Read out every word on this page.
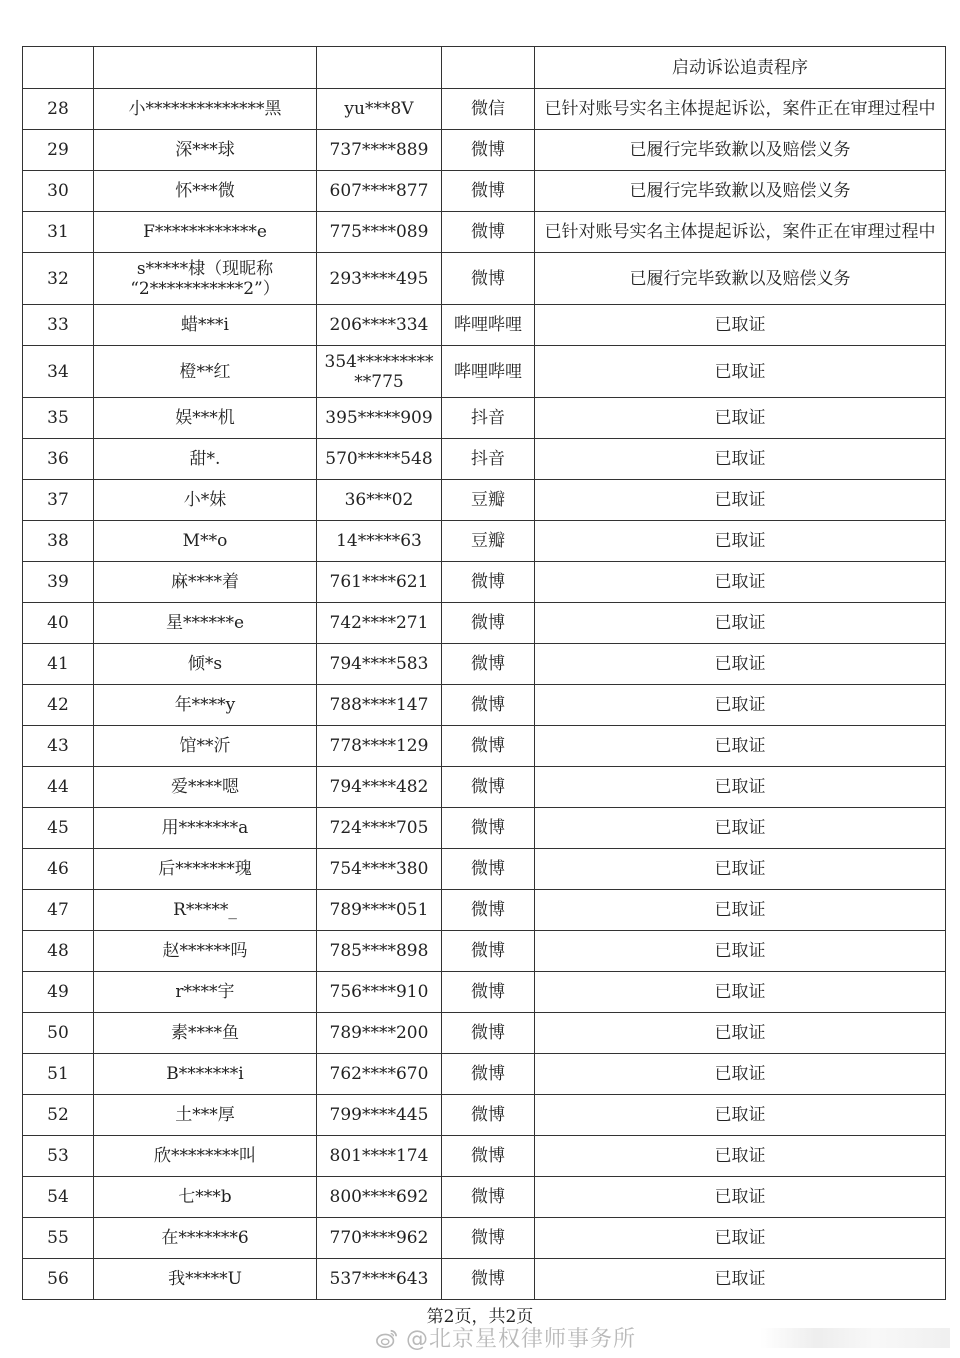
				启动诉讼追责程序

28	小**************黑	yu***8V	微信	已针对账号实名主体提起诉讼，案件正在审理过程中

29	深***球	737****889	微博	已履行完毕致歉以及赔偿义务

30	怀***微	607****877	微博	已履行完毕致歉以及赔偿义务

31	F************e	775****089	微博	已针对账号实名主体提起诉讼，案件正在审理过程中

32	s*****棣（现昵称
“2***********2”）	293****495	微博	已履行完毕致歉以及赔偿义务

33	蜡***i	206****334	哔哩哔哩	已取证

34	橙**红	354*********
**775	哔哩哔哩	已取证

35	娱***机	395*****909	抖音	已取证

36	甜*.	570*****548	抖音	已取证

37	小*妹	36***02	豆瓣	已取证

38	M**o	14*****63	豆瓣	已取证

39	麻****着	761****621	微博	已取证

40	星******e	742****271	微博	已取证

41	倾*s	794****583	微博	已取证

42	年****y	788****147	微博	已取证

43	馆**沂	778****129	微博	已取证

44	爱****嗯	794****482	微博	已取证

45	用*******a	724****705	微博	已取证

46	后*******瑰	754****380	微博	已取证

47	R*****_	789****051	微博	已取证

48	赵******吗	785****898	微博	已取证

49	r****宇	756****910	微博	已取证

50	素****鱼	789****200	微博	已取证

51	B*******i	762****670	微博	已取证

52	土***厚	799****445	微博	已取证

53	欣********叫	801****174	微博	已取证

54	七***b	800****692	微博	已取证

55	在*******6	770****962	微博	已取证

56	我*****U	537****643	微博	已取证
第2页，共2页
@北京星权律师事务所
